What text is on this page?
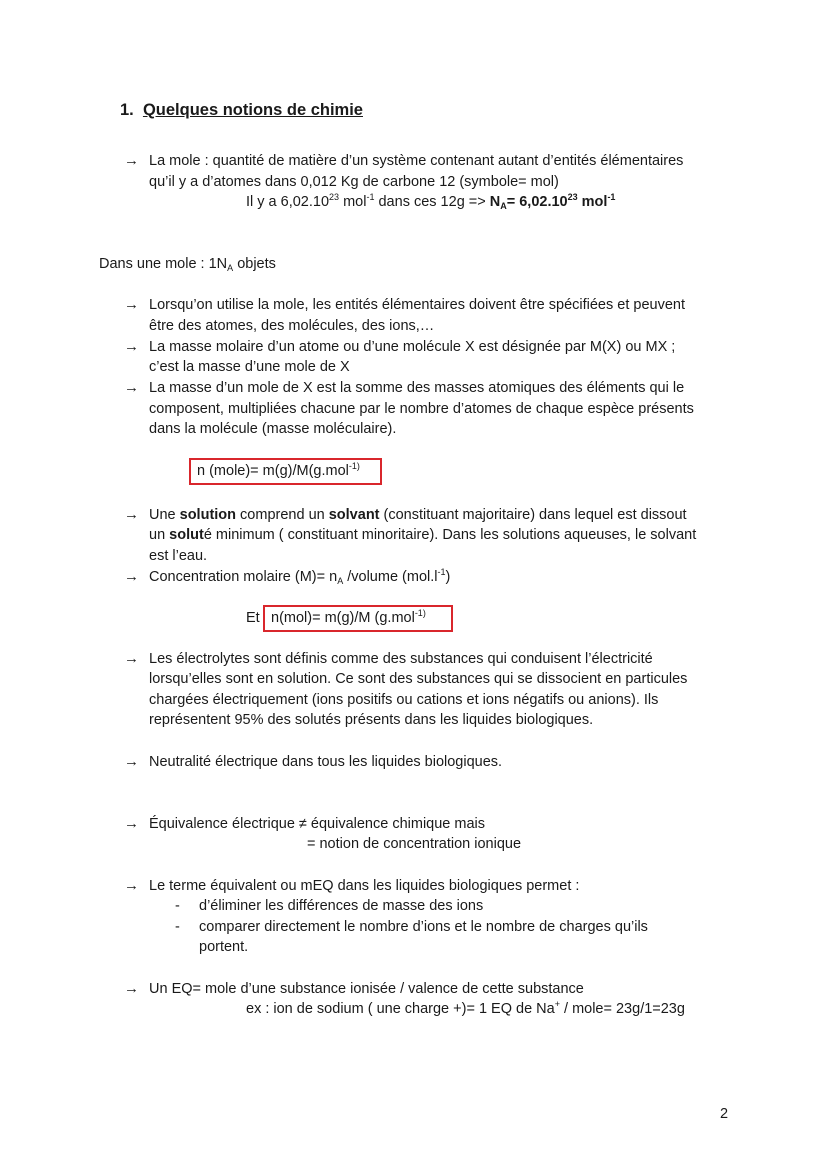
1. Quelques notions de chimie
→ La mole : quantité de matière d’un système contenant autant d’entités élémentaires
qu’il y a d’atomes dans 0,012 Kg de carbone 12 (symbole= mol)
Il y a 6,02.10$^{23}$ mol$^{-1}$ dans ces $12g => N_A= 6,02.10^{23}$ mol$^{-1}$
Dans une mole : $1N_A$ objets
→ Lorsqu’on utilise la mole, les entités élémentaires doivent être spécifiées et peuvent
être des atomes, des molécules, des ions,…
→ La masse molaire d’un atome ou d’une molécule X est désignée par M(X) ou MX ;
c’est la masse d’une mole de X
→ La masse d’un mole de X est la somme des masses atomiques des éléments qui le
composent, multipliées chacune par le nombre d’atomes de chaque espèce présents
dans la molécule (masse moléculaire).
n (mole)= m(g)/M(g.mol$^{-1)}$
→ Une solution comprend un solvant (constituant majoritaire) dans lequel est dissout
un soluté minimum ( constituant minoritaire). Dans les solutions aqueuses, le solvant
est l’eau.
→ Concentration molaire $(M)= n_A$ /volume $(mol.l^{-1})$
Et n(mol)= m(g)/M (g.mol$^{-1)}$
→ Les électrolytes sont définis comme des substances qui conduisent l’électricité
lorsqu’elles sont en solution. Ce sont des substances qui se dissocient en particules
chargées électriquement (ions positifs ou cations et ions négatifs ou anions). Ils
représentent 95% des solutés présents dans les liquides biologiques.
→ Neutralité électrique dans tous les liquides biologiques.
→ Équivalence électrique ≠ équivalence chimique mais
= notion de concentration ionique
→ Le terme équivalent ou mEQ dans les liquides biologiques permet :
- d’éliminer les différences de masse des ions
- comparer directement le nombre d’ions et le nombre de charges qu’ils
portent.
→ Un EQ= mole d’une substance ionisée / valence de cette substance
ex : ion de sodium ( une charge +)= 1 EQ de Na+ / mole= 23g/1=23g
2
